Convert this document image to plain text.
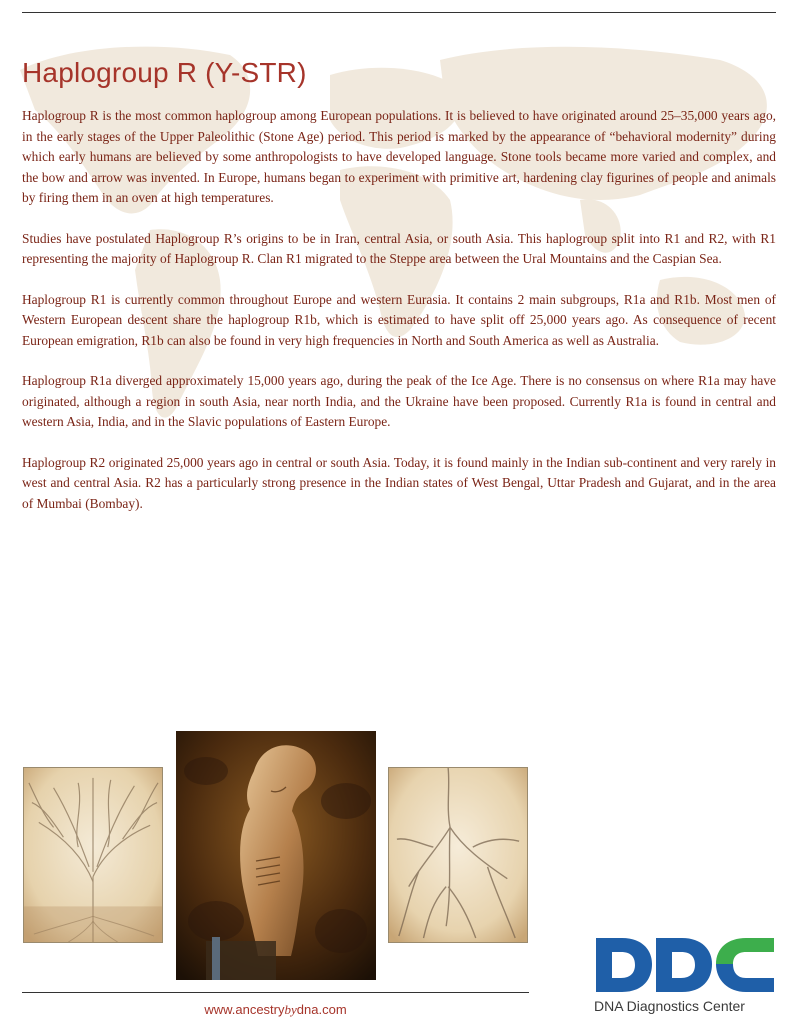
Haplogroup R (Y-STR)

Haplogroup R is the most common haplogroup among European populations. It is believed to have originated around 25–35,000 years ago, in the early stages of the Upper Paleolithic (Stone Age) period. This period is marked by the appearance of “behavioral modernity” during which early humans are believed by some anthropologists to have developed language. Stone tools became more varied and complex, and the bow and arrow was invented. In Europe, humans began to experiment with primitive art, hardening clay figurines of people and animals by firing them in an oven at high temperatures.

Studies have postulated Haplogroup R’s origins to be in Iran, central Asia, or south Asia. This haplogroup split into R1 and R2, with R1 representing the majority of Haplogroup R. Clan R1 migrated to the Steppe area between the Ural Mountains and the Caspian Sea.

Haplogroup R1 is currently common throughout Europe and western Eurasia. It contains 2 main subgroups, R1a and R1b. Most men of Western European descent share the haplogroup R1b, which is estimated to have split off 25,000 years ago. As consequence of recent European emigration, R1b can also be found in very high frequencies in North and South America as well as Australia.

Haplogroup R1a diverged approximately 15,000 years ago, during the peak of the Ice Age. There is no consensus on where R1a may have originated, although a region in south Asia, near north India, and the Ukraine have been proposed. Currently R1a is found in central and western Asia, India, and in the Slavic populations of Eastern Europe.

Haplogroup R2 originated 25,000 years ago in central or south Asia. Today, it is found mainly in the Indian sub-continent and very rarely in west and central Asia. R2 has a particularly strong presence in the Indian states of West Bengal, Uttar Pradesh and Gujarat, and in the area of Mumbai (Bombay).

www.ancestrybydna.com	DNA Diagnostics Center
